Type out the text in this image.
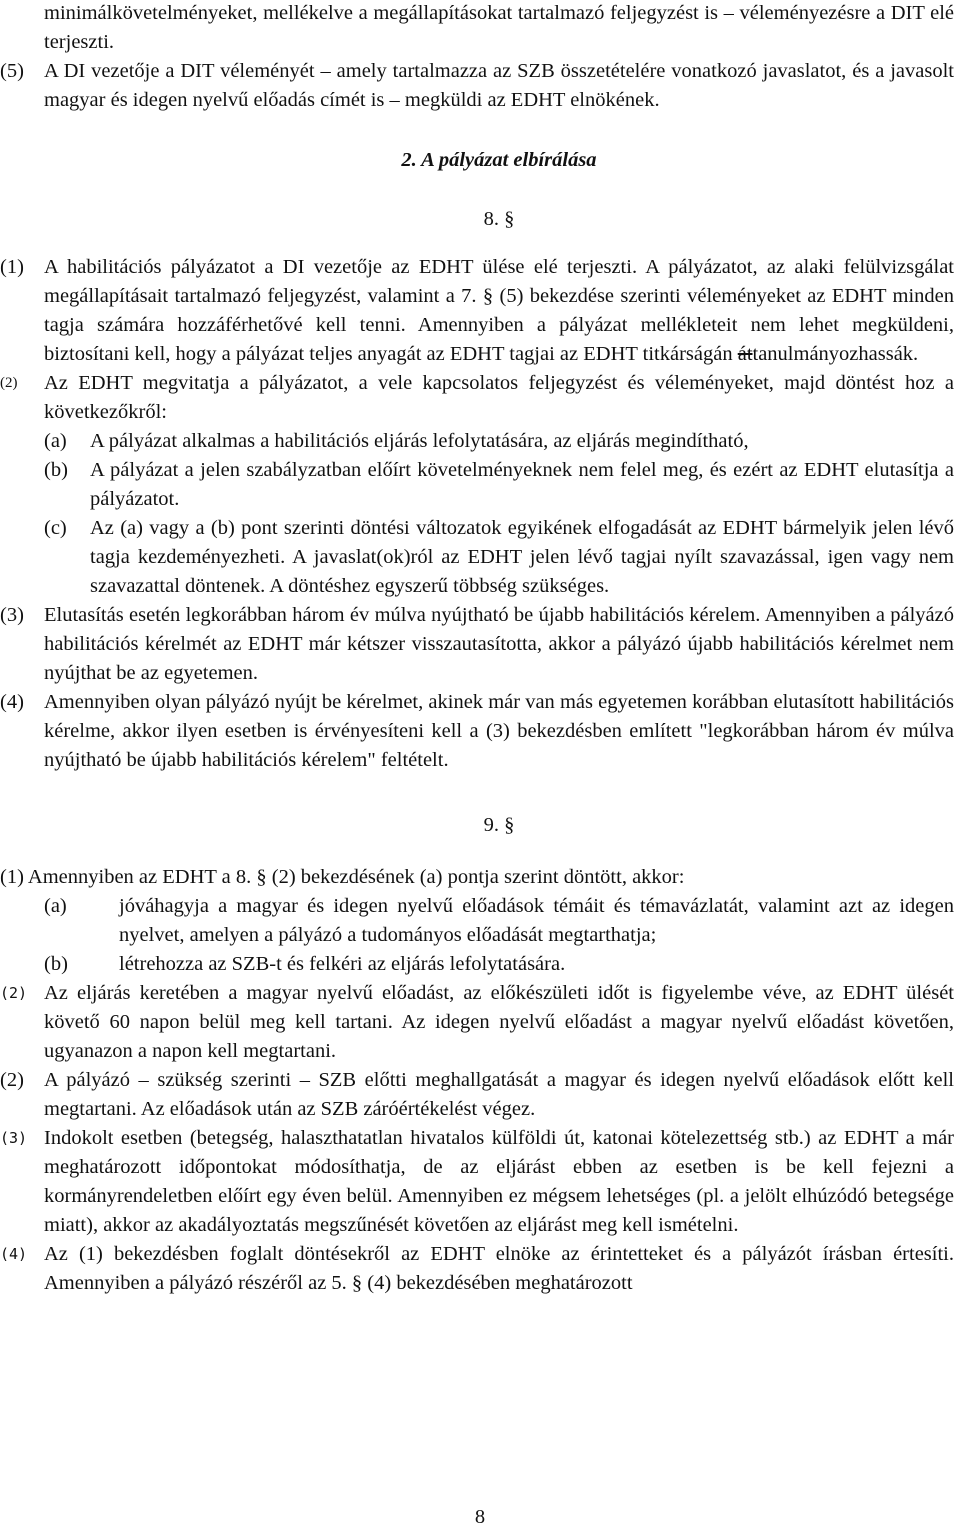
minimálkövetelményeket, mellékelve a megállapításokat tartalmazó feljegyzést is – véleményezésre a DIT elé terjeszti.
(5) A DI vezetője a DIT véleményét – amely tartalmazza az SZB összetételére vonatkozó javaslatot, és a javasolt magyar és idegen nyelvű előadás címét is – megküldi az EDHT elnökének.
2. A pályázat elbírálása
8. §
(1) A habilitációs pályázatot a DI vezetője az EDHT ülése elé terjeszti. A pályázatot, az alaki felülvizsgálat megállapításait tartalmazó feljegyzést, valamint a 7. § (5) bekezdése szerinti véleményeket az EDHT minden tagja számára hozzáférhetővé kell tenni. Amennyiben a pályázat mellékleteit nem lehet megküldeni, biztosítani kell, hogy a pályázat teljes anyagát az EDHT tagjai az EDHT titkárságán áttanulmányozhassák.
(2)	Az EDHT megvitatja a pályázatot, a vele kapcsolatos feljegyzést és véleményeket, majd döntést hoz a következőkről:
(a)	A pályázat alkalmas a habilitációs eljárás lefolytatására, az eljárás megindítható,
(b)	A pályázat a jelen szabályzatban előírt követelményeknek nem felel meg, és ezért az EDHT elutasítja a pályázatot.
(c)	Az (a) vagy a (b) pont szerinti döntési változatok egyikének elfogadását az EDHT bármelyik jelen lévő tagja kezdeményezheti. A javaslat(ok)ról az EDHT jelen lévő tagjai nyílt szavazással, igen vagy nem szavazattal döntenek. A döntéshez egyszerű többség szükséges.
(3) Elutasítás esetén legkorábban három év múlva nyújtható be újabb habilitációs kérelem. Amennyiben a pályázó habilitációs kérelmét az EDHT már kétszer visszautasította, akkor a pályázó újabb habilitációs kérelmet nem nyújthat be az egyetemen.
(4) Amennyiben olyan pályázó nyújt be kérelmet, akinek már van más egyetemen korábban elutasított habilitációs kérelme, akkor ilyen esetben is érvényesíteni kell a (3) bekezdésben említett "legkorábban három év múlva nyújtható be újabb habilitációs kérelem" feltételt.
9. §
(1) Amennyiben az EDHT a 8. § (2) bekezdésének (a) pontja szerint döntött, akkor:
(a)	jóváhagyja a magyar és idegen nyelvű előadások témáit és témavázlatát, valamint azt az idegen nyelvet, amelyen a pályázó a tudományos előadását megtarthatja;
(b)	létrehozza az SZB-t és felkéri az eljárás lefolytatására.
(2) Az eljárás keretében a magyar nyelvű előadást, az előkészületi időt is figyelembe véve, az EDHT ülését követő 60 napon belül meg kell tartani. Az idegen nyelvű előadást a magyar nyelvű előadást követően, ugyanazon a napon kell megtartani.
(2) A pályázó – szükség szerinti – SZB előtti meghallgatását a magyar és idegen nyelvű előadások előtt kell megtartani. Az előadások után az SZB záróértékelést végez.
(3) Indokolt esetben (betegség, halaszthatatlan hivatalos külföldi út, katonai kötelezettség stb.) az EDHT a már meghatározott időpontokat módosíthatja, de az eljárást ebben az esetben is be kell fejezni a kormányrendeletben előírt egy éven belül. Amennyiben ez mégsem lehetséges (pl. a jelölt elhúzódó betegsége miatt), akkor az akadályoztatás megszűnését követően az eljárást meg kell ismételni.
(4) Az (1) bekezdésben foglalt döntésekről az EDHT elnöke az érintetteket és a pályázót írásban értesíti. Amennyiben a pályázó részéről az 5. § (4) bekezdésében meghatározott
8
